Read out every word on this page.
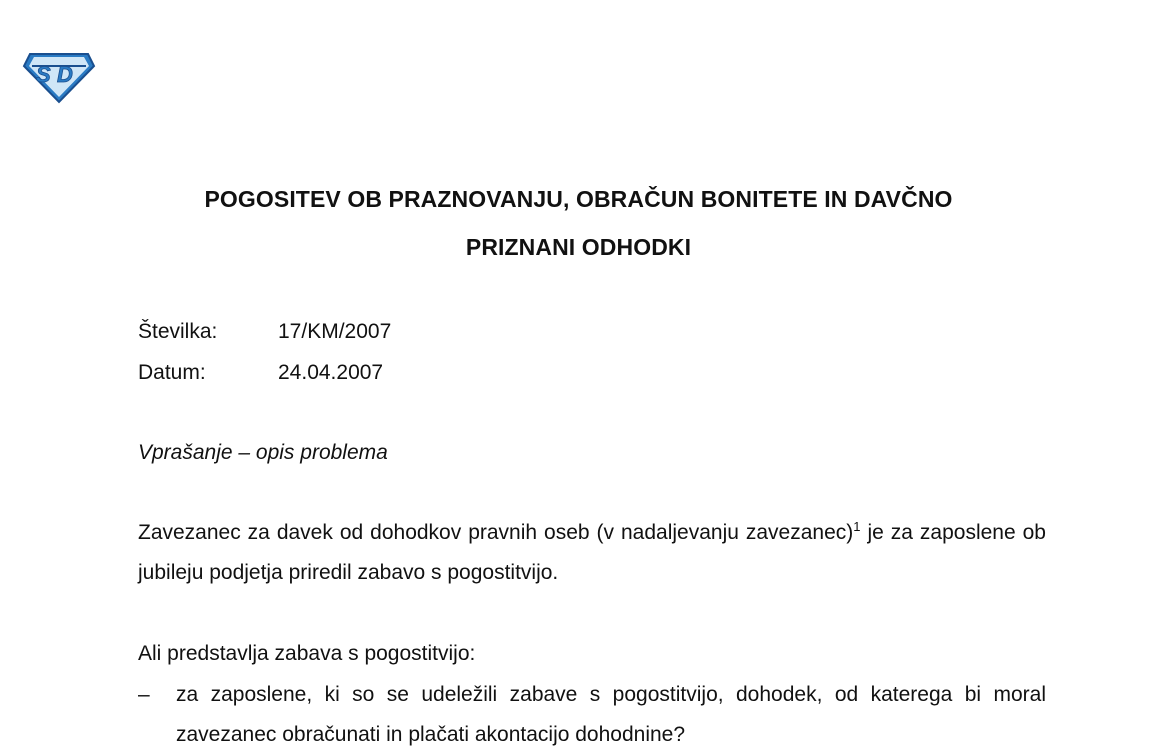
S D
POGOSITEV OB PRAZNOVANJU, OBRAČUN BONITETE IN DAVČNO
PRIZNANI ODHODKI
Številka:	17/KM/2007
Datum:	24.04.2007
Vprašanje – opis problema
Zavezanec za davek od dohodkov pravnih oseb (v nadaljevanju zavezanec)$^1$ je za zaposlene ob jubileju podjetja priredil zabavo s pogostitvijo.
Ali predstavlja zabava s pogostitvijo:
– za zaposlene, ki so se udeležili zabave s pogostitvijo, dohodek, od katerega bi moral zavezanec obračunati in plačati akontacijo dohodnine?
